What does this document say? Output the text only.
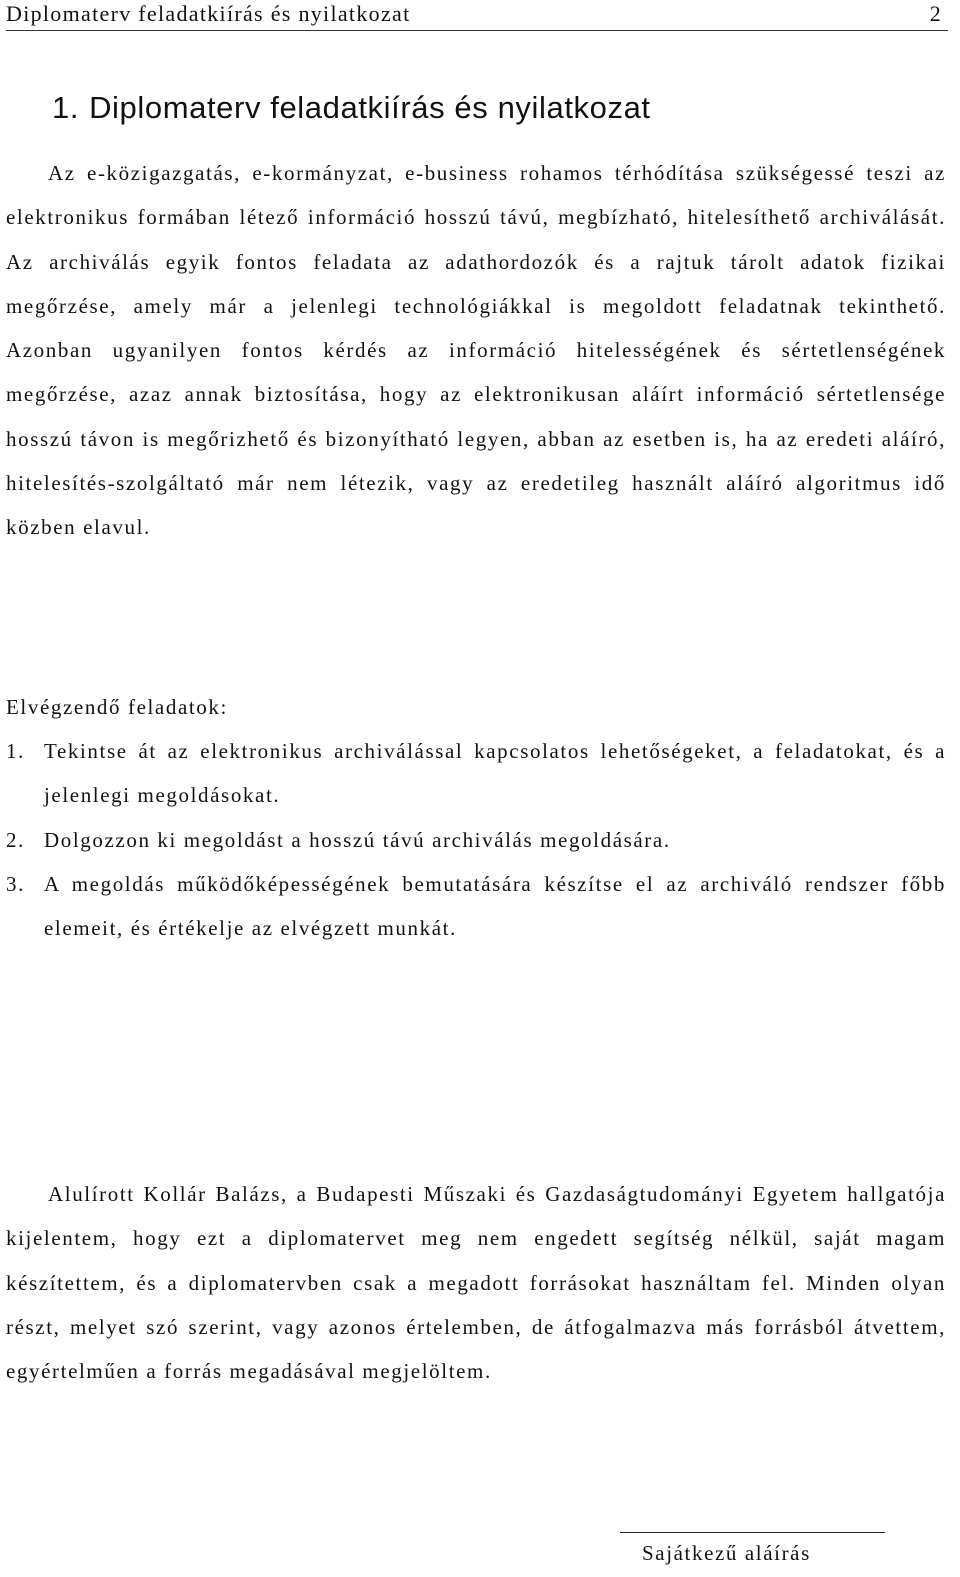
Diplomaterv feladatkiírás és nyilatkozat	2
1. Diplomaterv feladatkiírás és nyilatkozat

Az e-közigazgatás, e-kormányzat, e-business rohamos térhódítása szükségessé teszi az elektronikus formában létező információ hosszú távú, megbízható, hitelesíthető archiválását. Az archiválás egyik fontos feladata az adathordozók és a rajtuk tárolt adatok fizikai megőrzése, amely már a jelenlegi technológiákkal is megoldott feladatnak tekinthető. Azonban ugyanilyen fontos kérdés az információ hitelességének és sértetlenségének megőrzése, azaz annak biztosítása, hogy az elektronikusan aláírt információ sértetlensége hosszú távon is megőrizhető és bizonyítható legyen, abban az esetben is, ha az eredeti aláíró, hitelesítés-szolgáltató már nem létezik, vagy az eredetileg használt aláíró algoritmus idő közben elavul.

Elvégzendő feladatok:
1. Tekintse át az elektronikus archiválással kapcsolatos lehetőségeket, a feladatokat, és a jelenlegi megoldásokat.
2. Dolgozzon ki megoldást a hosszú távú archiválás megoldására.
3. A megoldás működőképességének bemutatására készítse el az archiváló rendszer főbb elemeit, és értékelje az elvégzett munkát.

Alulírott Kollár Balázs, a Budapesti Műszaki és Gazdaságtudományi Egyetem hallgatója kijelentem, hogy ezt a diplomatervet meg nem engedett segítség nélkül, saját magam készítettem, és a diplomatervben csak a megadott forrásokat használtam fel. Minden olyan részt, melyet szó szerint, vagy azonos értelemben, de átfogalmazva más forrásból átvettem, egyértelműen a forrás megadásával megjelöltem.

Sajátkezű aláírás
